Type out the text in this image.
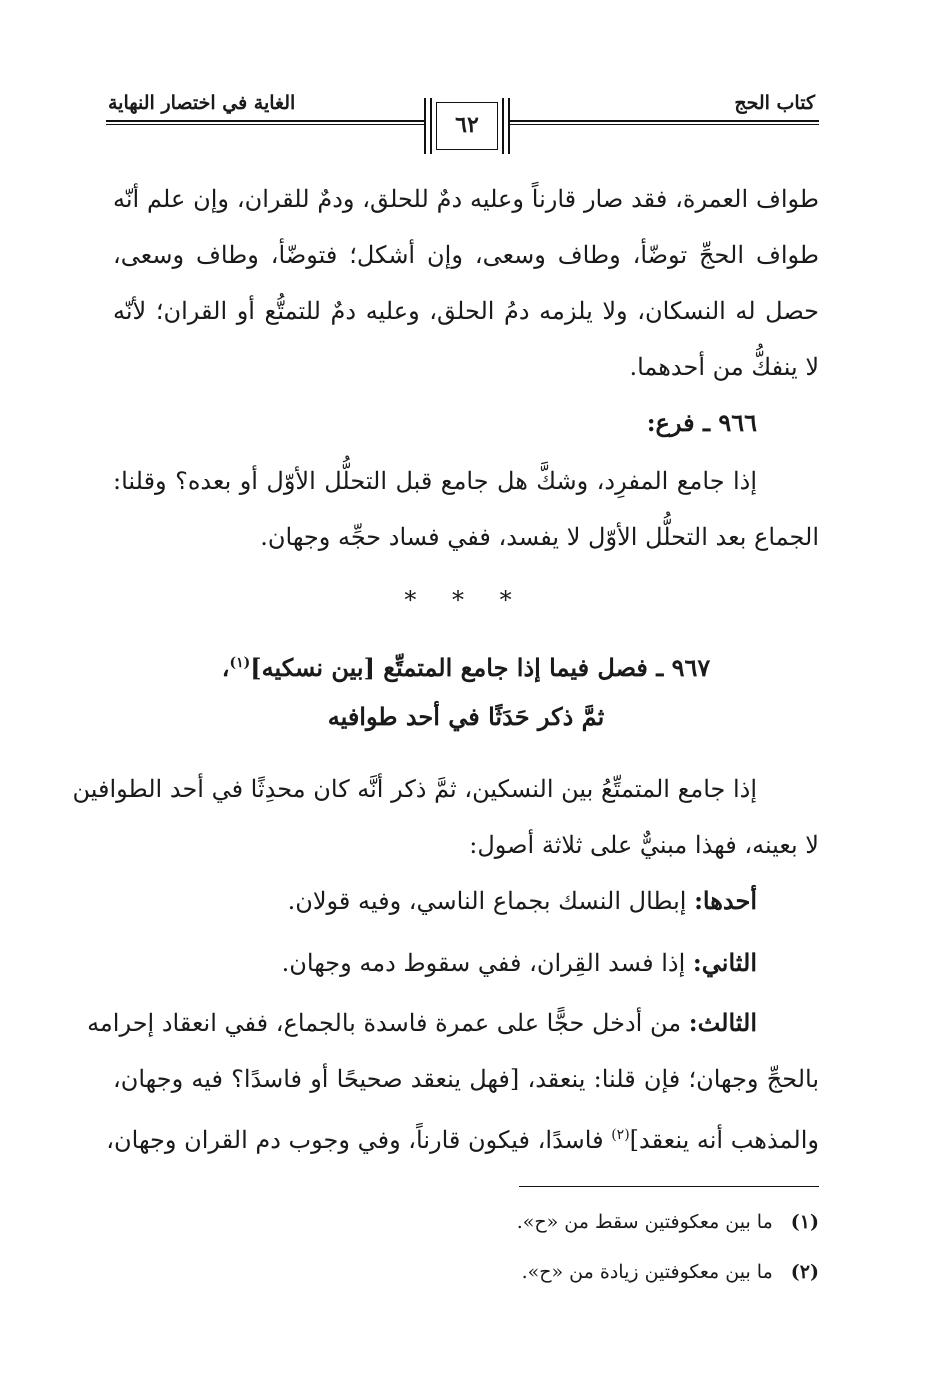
كتاب الحج
الغاية في اختصار النهاية
٦٢
طواف العمرة، فقد صار قارناً وعليه دمٌ للحلق، ودمٌ للقران، وإن علم أنّه
طواف الحجِّ توضّأ، وطاف وسعى، وإن أشكل؛ فتوضّأ، وطاف وسعى،
حصل له النسكان، ولا يلزمه دمُ الحلق، وعليه دمٌ للتمتُّع أو القران؛ لأنّه
لا ينفكُّ من أحدهما.
٩٦٦ ـ فرع:
إذا جامع المفرِد، وشكَّ هل جامع قبل التحلُّل الأوّل أو بعده؟ وقلنا:
الجماع بعد التحلُّل الأوّل لا يفسد، ففي فساد حجِّه وجهان.
* * *
٩٦٧ ـ فصل فيما إذا جامع المتمتِّع [بين نسكيه]$^{(١)}$،
ثمَّ ذكر حَدَثًا في أحد طوافيه
إذا جامع المتمتِّعُ بين النسكين، ثمَّ ذكر أنَّه كان محدِثًا في أحد الطوافين
لا بعينه، فهذا مبنيٌّ على ثلاثة أصول:
أحدها: إبطال النسك بجماع الناسي، وفيه قولان.
الثاني: إذا فسد القِران، ففي سقوط دمه وجهان.
الثالث: من أدخل حجًّا على عمرة فاسدة بالجماع، ففي انعقاد إحرامه
بالحجِّ وجهان؛ فإن قلنا: ينعقد، [فهل ينعقد صحيحًا أو فاسدًا؟ فيه وجهان،
والمذهب أنه ينعقد]$^{(٢)}$ فاسدًا، فيكون قارناً، وفي وجوب دم القران وجهان،
(١)ما بين معكوفتين سقط من «ح».
(٢)ما بين معكوفتين زيادة من «ح».
